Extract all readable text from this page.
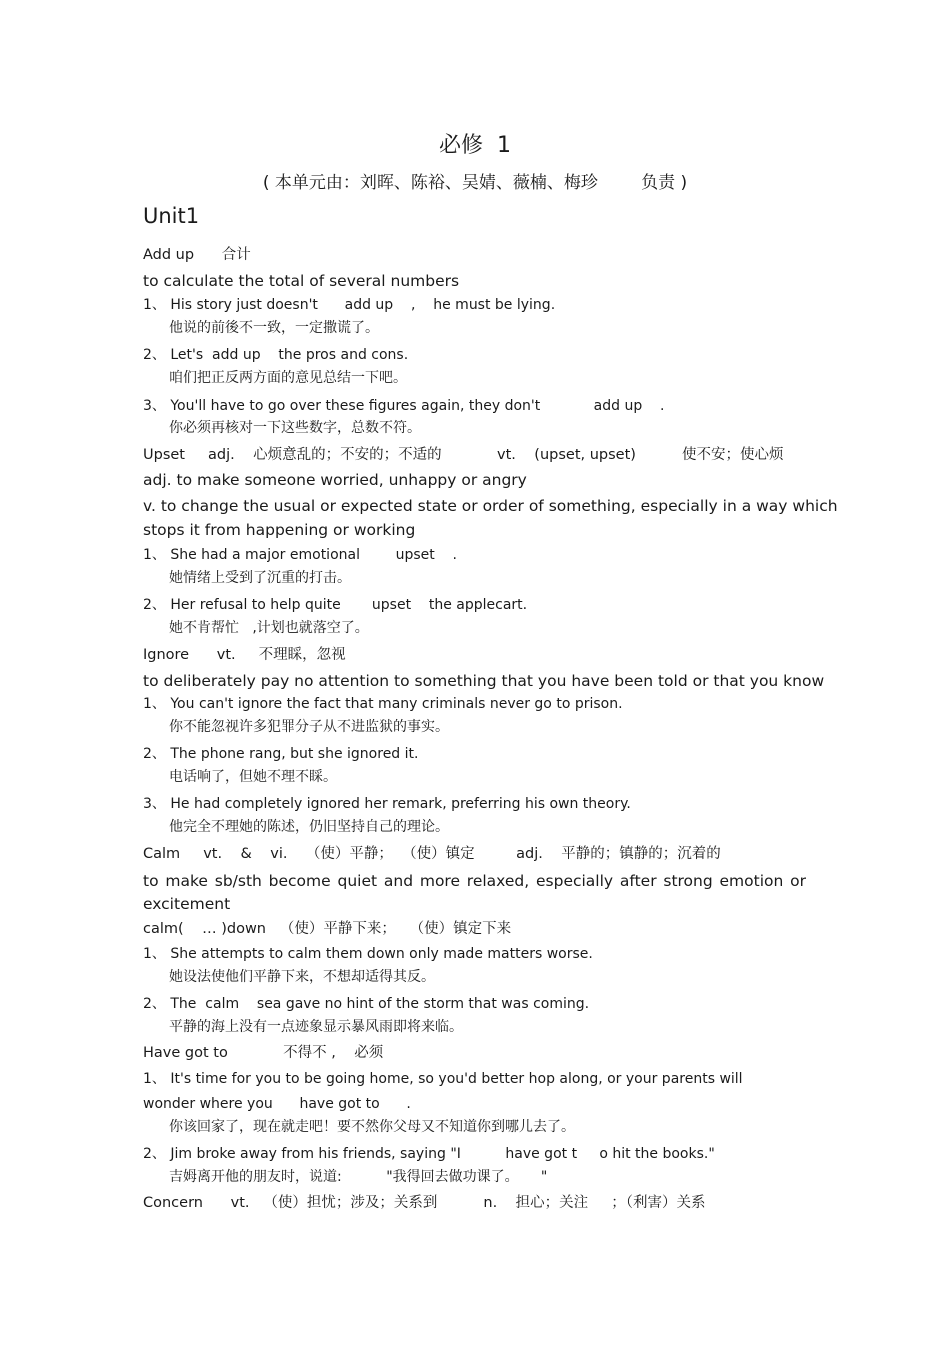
必修  1
( 本单元由：刘晖、陈裕、吴婧、薇楠、梅珍        负责 )
Unit1
Add up      合计
to calculate the total of several numbers
1、 His story just doesn't      add up    ,    he must be lying.
他说的前後不一致，一定撒谎了。
2、 Let's  add up    the pros and cons.
咱们把正反两方面的意见总结一下吧。
3、 You'll have to go over these figures again, they don't            add up    .
你必须再核对一下这些数字，总数不符。
Upset     adj.    心烦意乱的；不安的；不适的            vt.    (upset, upset)          使不安；使心烦
adj. to make someone worried, unhappy or angry
v. to change the usual or expected state or order of something, especially in a way which
stops it from happening or working
1、 She had a major emotional        upset    .
她情绪上受到了沉重的打击。
2、 Her refusal to help quite       upset    the applecart.
她不肯帮忙   ,计划也就落空了。
Ignore      vt.     不理睬，忽视
to deliberately pay no attention to something that you have been told or that you know
1、 You can't ignore the fact that many criminals never go to prison.
你不能忽视许多犯罪分子从不进监狱的事实。
2、 The phone rang, but she ignored it.
电话响了，但她不理不睬。
3、 He had completely ignored her remark, preferring his own theory.
他完全不理她的陈述，仍旧坚持自己的理论。
Calm     vt.    &    vi.    （使）平静；  （使）镇定         adj.    平静的；镇静的；沉着的
to make sb/sth become quiet and more relaxed, especially after strong emotion or
excitement
calm(    … )down   （使）平静下来；   （使）镇定下来
1、 She attempts to calm them down only made matters worse.
她设法使他们平静下来，不想却适得其反。
2、 The  calm    sea gave no hint of the storm that was coming.
平静的海上没有一点迹象显示暴风雨即将来临。
Have got to            不得不 ,    必须
1、 It's time for you to be going home, so you'd better hop along, or your parents will
wonder where you      have got to      .
你该回家了，现在就走吧！要不然你父母又不知道你到哪儿去了。
2、 Jim broke away from his friends, saying "I          have got t     o hit the books."
吉姆离开他的朋友时，说道:          "我得回去做功课了。     "
Concern      vt.   （使）担忧；涉及；关系到          n.    担心；关注     ；（利害）关系
